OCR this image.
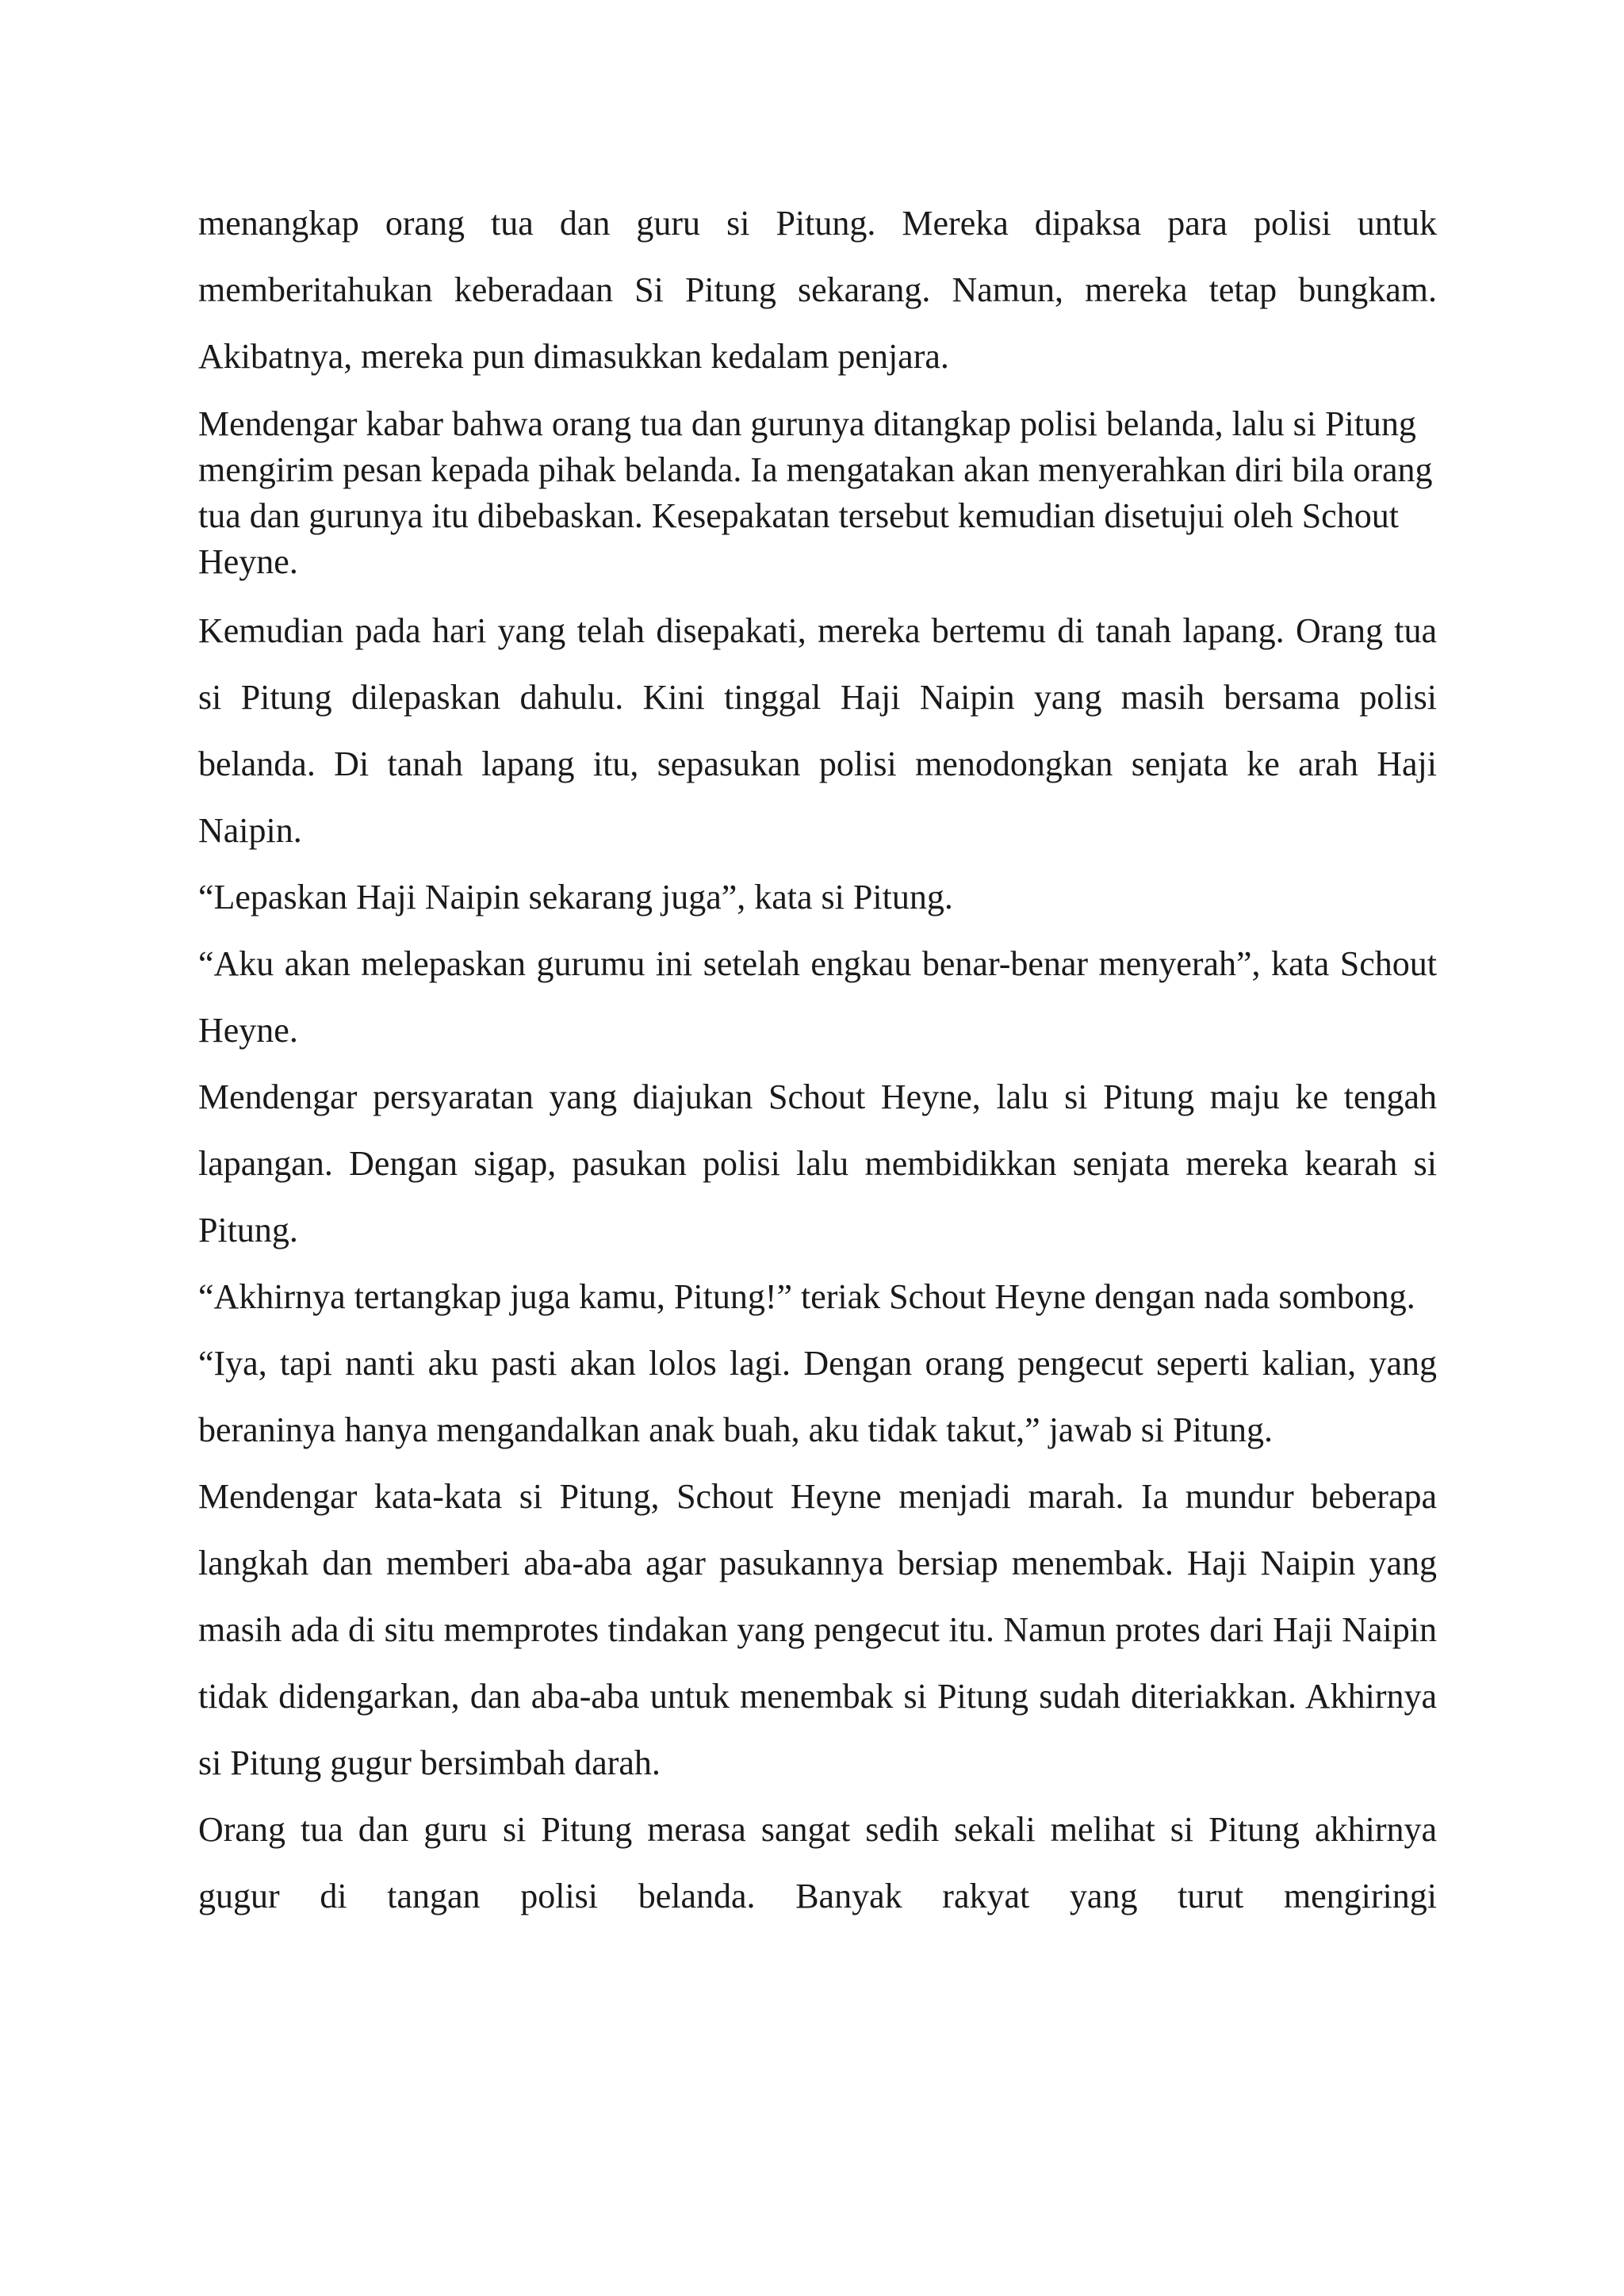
menangkap orang tua dan guru si Pitung. Mereka dipaksa para polisi untuk memberitahukan keberadaan Si Pitung sekarang. Namun, mereka tetap bungkam. Akibatnya, mereka pun dimasukkan kedalam penjara.

Mendengar kabar bahwa orang tua dan gurunya ditangkap polisi belanda, lalu si Pitung mengirim pesan kepada pihak belanda. Ia mengatakan akan menyerahkan diri bila orang tua dan gurunya itu dibebaskan. Kesepakatan tersebut kemudian disetujui oleh Schout Heyne.

Kemudian pada hari yang telah disepakati, mereka bertemu di tanah lapang. Orang tua si Pitung dilepaskan dahulu. Kini tinggal Haji Naipin yang masih bersama polisi belanda. Di tanah lapang itu, sepasukan polisi menodongkan senjata ke arah Haji Naipin.

“Lepaskan Haji Naipin sekarang juga”, kata si Pitung.

“Aku akan melepaskan gurumu ini setelah engkau benar-benar menyerah”, kata Schout Heyne.

Mendengar persyaratan yang diajukan Schout Heyne, lalu si Pitung maju ke tengah lapangan. Dengan sigap, pasukan polisi lalu membidikkan senjata mereka kearah si Pitung.

“Akhirnya tertangkap juga kamu, Pitung!” teriak Schout Heyne dengan nada sombong.

“Iya, tapi nanti aku pasti akan lolos lagi. Dengan orang pengecut seperti kalian, yang beraninya hanya mengandalkan anak buah, aku tidak takut,” jawab si Pitung.

Mendengar kata-kata si Pitung, Schout Heyne menjadi marah. Ia mundur beberapa langkah dan memberi aba-aba agar pasukannya bersiap menembak. Haji Naipin yang masih ada di situ memprotes tindakan yang pengecut itu. Namun protes dari Haji Naipin tidak didengarkan, dan aba-aba untuk menembak si Pitung sudah diteriakkan. Akhirnya si Pitung gugur bersimbah darah.

Orang tua dan guru si Pitung merasa sangat sedih sekali melihat si Pitung akhirnya gugur di tangan polisi belanda. Banyak rakyat yang turut mengiringi
